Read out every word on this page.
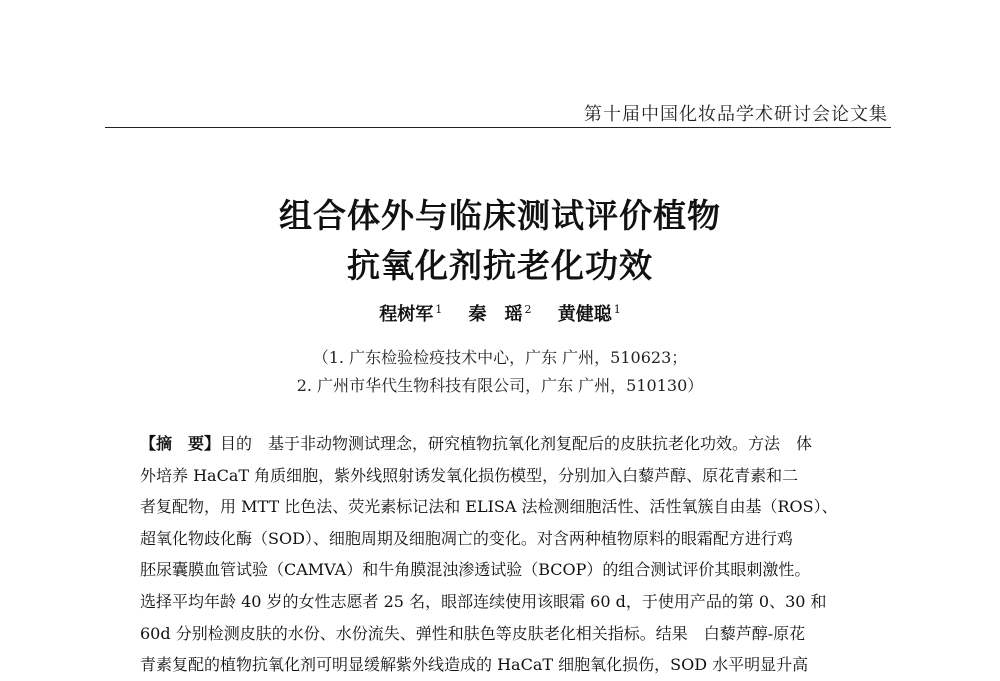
第十届中国化妆品学术研讨会论文集
组合体外与临床测试评价植物
抗氧化剂抗老化功效
程树军 $^1$ 秦　瑶 $^2$ 黄健聪 $^1$
（1. 广东检验检疫技术中心，广东 广州，510623；
2. 广州市华代生物科技有限公司，广东 广州，510130）
【摘　要】目的　基于非动物测试理念，研究植物抗氧化剂复配后的皮肤抗老化功效。方法　体
外培养 HaCaT 角质细胞，紫外线照射诱发氧化损伤模型，分别加入白藜芦醇、原花青素和二
者复配物，用 MTT 比色法、荧光素标记法和 ELISA 法检测细胞活性、活性氧簇自由基（ROS）、
超氧化物歧化酶（SOD）、细胞周期及细胞凋亡的变化。对含两种植物原料的眼霜配方进行鸡
胚尿囊膜血管试验（CAMVA）和牛角膜混浊渗透试验（BCOP）的组合测试评价其眼刺激性。
选择平均年龄 40 岁的女性志愿者 25 名，眼部连续使用该眼霜 60 d，于使用产品的第 0、30 和
60d 分别检测皮肤的水份、水份流失、弹性和肤色等皮肤老化相关指标。结果　白藜芦醇-原花
青素复配的植物抗氧化剂可明显缓解紫外线造成的 HaCaT 细胞氧化损伤，SOD 水平明显升高
